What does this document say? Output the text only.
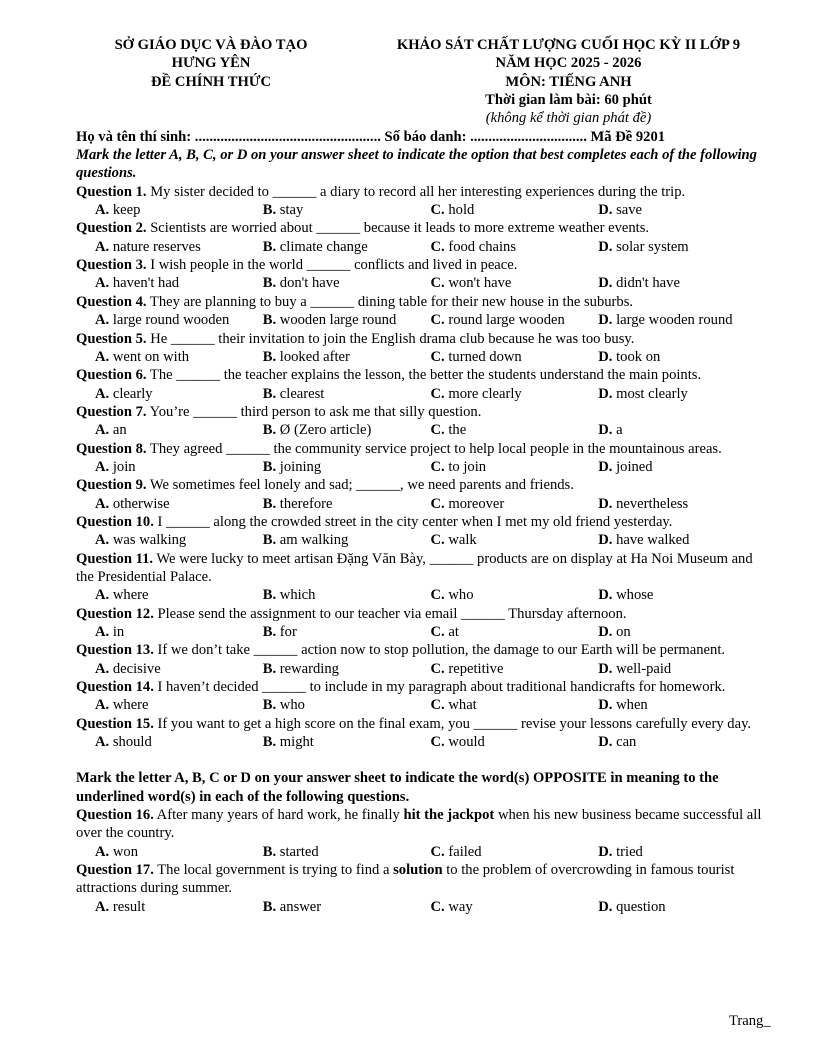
SỞ GIÁO DỤC VÀ ĐÀO TẠO
HƯNG YÊN
ĐỀ CHÍNH THỨC
KHẢO SÁT CHẤT LƯỢNG CUỐI HỌC KỲ II LỚP 9
NĂM HỌC 2025 - 2026
MÔN: TIẾNG ANH
Thời gian làm bài: 60 phút
(không kể thời gian phát đề)
Họ và tên thí sinh: ................................................... Số báo danh: ................................ Mã Đề 9201
Mark the letter A, B, C, or D on your answer sheet to indicate the option that best completes each of the following questions.
Question 1. My sister decided to ______ a diary to record all her interesting experiences during the trip.
A. keep	B. stay	C. hold	D. save
Question 2. Scientists are worried about ______ because it leads to more extreme weather events.
A. nature reserves	B. climate change	C. food chains	D. solar system
Question 3. I wish people in the world ______ conflicts and lived in peace.
A. haven't had	B. don't have	C. won't have	D. didn't have
Question 4. They are planning to buy a ______ dining table for their new house in the suburbs.
A. large round wooden	B. wooden large round	C. round large wooden	D. large wooden round
Question 5. He ______ their invitation to join the English drama club because he was too busy.
A. went on with	B. looked after	C. turned down	D. took on
Question 6. The ______ the teacher explains the lesson, the better the students understand the main points.
A. clearly	B. clearest	C. more clearly	D. most clearly
Question 7. You’re ______ third person to ask me that silly question.
A. an	B. Ø (Zero article)	C. the	D. a
Question 8. They agreed ______ the community service project to help local people in the mountainous areas.
A. join	B. joining	C. to join	D. joined
Question 9. We sometimes feel lonely and sad; ______, we need parents and friends.
A. otherwise	B. therefore	C. moreover	D. nevertheless
Question 10. I ______ along the crowded street in the city center when I met my old friend yesterday.
A. was walking	B. am walking	C. walk	D. have walked
Question 11. We were lucky to meet artisan Đặng Văn Bày, ______ products are on display at Ha Noi Museum and the Presidential Palace.
A. where	B. which	C. who	D. whose
Question 12. Please send the assignment to our teacher via email ______ Thursday afternoon.
A. in	B. for	C. at	D. on
Question 13. If we don’t take ______ action now to stop pollution, the damage to our Earth will be permanent.
A. decisive	B. rewarding	C. repetitive	D. well-paid
Question 14. I haven’t decided ______ to include in my paragraph about traditional handicrafts for homework.
A. where	B. who	C. what	D. when
Question 15. If you want to get a high score on the final exam, you ______ revise your lessons carefully every day.
A. should	B. might	C. would	D. can
Mark the letter A, B, C or D on your answer sheet to indicate the word(s) OPPOSITE in meaning to the underlined word(s) in each of the following questions.
Question 16. After many years of hard work, he finally hit the jackpot when his new business became successful all over the country.
A. won	B. started	C. failed	D. tried
Question 17. The local government is trying to find a solution to the problem of overcrowding in famous tourist attractions during summer.
A. result	B. answer	C. way	D. question
Trang_
